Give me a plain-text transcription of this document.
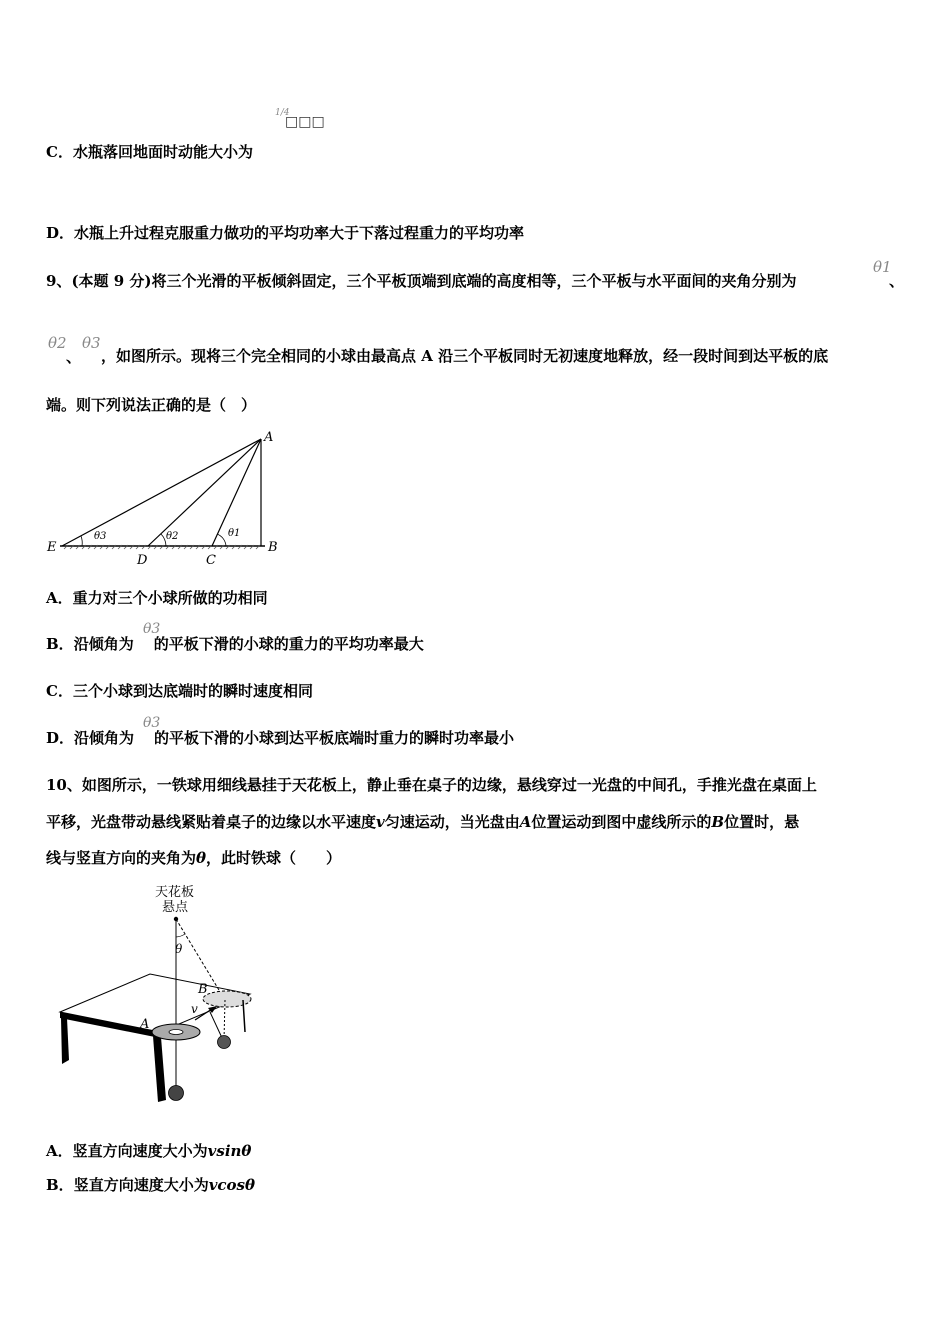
1/4
□□□
C．水瓶落回地面时动能大小为
D．水瓶上升过程克服重力做功的平均功率大于下落过程重力的平均功率
9、(本题 9 分)将三个光滑的平板倾斜固定，三个平板顶端到底端的高度相等，三个平板与水平面间的夹角分别为
θ1
、
θ2
、
θ3
，如图所示。现将三个完全相同的小球由最高点 A 沿三个平板同时无初速度地释放，经一段时间到达平板的底
端。则下列说法正确的是（　）
A
B
C
D
E
θ3	θ2	θ1
A．重力对三个小球所做的功相同
B．沿倾角为 的平板下滑的小球的重力的平均功率最大
θ3
C．三个小球到达底端时的瞬时速度相同
D．沿倾角为 的平板下滑的小球到达平板底端时重力的瞬时功率最小
θ3
10、如图所示，一铁球用细线悬挂于天花板上，静止垂在桌子的边缘，悬线穿过一光盘的中间孔，手推光盘在桌面上
平移，光盘带动悬线紧贴着桌子的边缘以水平速度v匀速运动，当光盘由A位置运动到图中虚线所示的B位置时，悬
线与竖直方向的夹角为θ，此时铁球（　　）
天花板
悬点
θ
A
B
v
A．竖直方向速度大小为vsinθ
B．竖直方向速度大小为vcosθ
